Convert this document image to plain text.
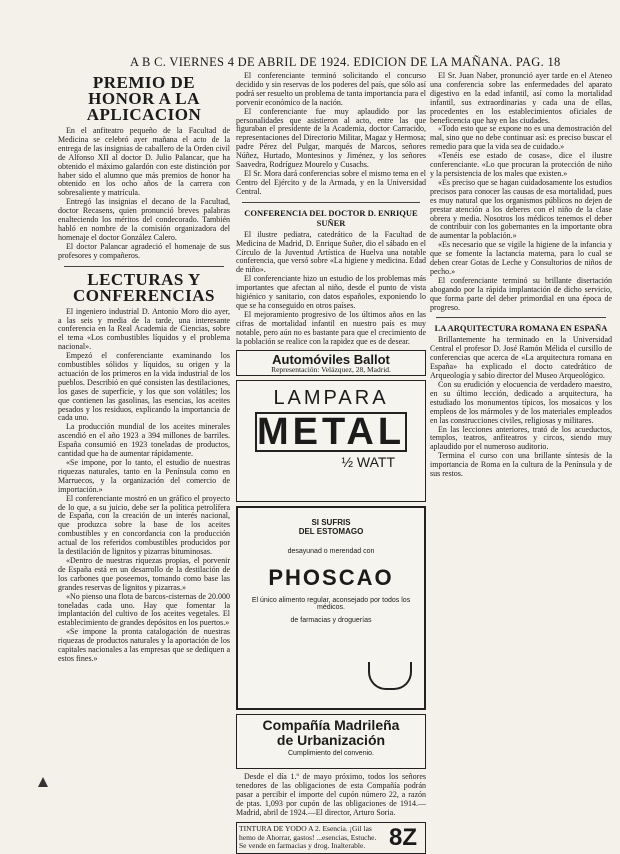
A B C. VIERNES 4 DE ABRIL DE 1924. EDICION DE LA MAÑANA. PAG. 18
PREMIO DE HONOR A LA APLICACION

En el anfiteatro pequeño de la Facultad de Medicina se celebró ayer mañana el acto de la entrega de las insignias de caballero de la Orden civil de Alfonso XII al doctor D. Julio Palancar, que ha obtenido el máximo galardón con este distinción por haber sido el alumno que más premios de honor ha obtenido en los ocho años de la carrera con sobresaliente y matrícula.

Entregó las insignias el decano de la Facultad, doctor Recasens, quien pronunció breves palabras enalteciendo los méritos del condecorado. También habló en nombre de la comisión organizadora del homenaje el doctor González Calero.

El doctor Palancar agradeció el homenaje de sus profesores y compañeros.

LECTURAS Y CONFERENCIAS

El ingeniero industrial D. Antonio Moro dio ayer, a las seis y media de la tarde, una interesante conferencia en la Real Academia de Ciencias, sobre el tema «Los combustibles líquidos y el problema nacional».

Empezó el conferenciante examinando los combustibles sólidos y líquidos, su origen y la actuación de los primeros en la vida industrial de los pueblos. Describió en qué consisten las destilaciones, los gases de superficie, y los que son volátiles; los que contienen las gasolinas, las esencias, los aceites pesados y los residuos, explicando la importancia de cada uno.

La producción mundial de los aceites minerales ascendió en el año 1923 a 394 millones de barriles. España consumió en 1923 toneladas de productos, cantidad que ha de aumentar rápidamente.

«Se impone, por lo tanto, el estudio de nuestras riquezas naturales, tanto en la Península como en Marruecos, y la organización del comercio de importación.»

El conferenciante mostró en un gráfico el proyecto de lo que, a su juicio, debe ser la política petrolífera de España, con la creación de un interés nacional, que produzca sobre la base de los aceites combustibles y en concordancia con la producción actual de los referidos combustibles producidos por la destilación de lignitos y pizarras bituminosas.

«Dentro de nuestras riquezas propias, el porvenir de España está en un desarrollo de la destilación de los carbones que poseemos, tomando como base las grandes reservas de lignitos y pizarras.»

«No pienso una flota de barcos-cisternas de 20.000 toneladas cada uno. Hay que fomentar la implantación del cultivo de los aceites vegetales. El establecimiento de grandes depósitos en los puertos.»

«Se impone la pronta catalogación de nuestras riquezas de productos naturales y la aportación de los capitales nacionales a las empresas que se dediquen a estos fines.»

El conferenciante terminó solicitando el concurso decidido y sin reservas de los poderes del país, que sólo así podrá ser resuelto un problema de tanta importancia para el porvenir económico de la nación.

El conferenciante fue muy aplaudido por las personalidades que asistieron al acto, entre las que figuraban el presidente de la Academia, doctor Carracido, representaciones del Directorio Militar, Magaz y Hermosa; padre Pérez del Pulgar, marqués de Marcos, señores Núñez, Hurtado, Montesinos y Jiménez, y los señores Saavedra, Rodríguez Mourelo y Cusachs.

El Sr. Mora dará conferencias sobre el mismo tema en el Centro del Ejército y de la Armada, y en la Universidad Central.

CONFERENCIA DEL DOCTOR D. ENRIQUE SUÑER

El ilustre pediatra, catedrático de la Facultad de Medicina de Madrid, D. Enrique Suñer, dio el sábado en el Círculo de la Juventud Artística de Huelva una notable conferencia, que versó sobre «La higiene y medicina. Edad de niño».

El conferenciante hizo un estudio de los problemas más importantes que afectan al niño, desde el punto de vista higiénico y sanitario, con datos españoles, exponiendo lo que se ha conseguido en otros países.

El mejoramiento progresivo de los últimos años en las cifras de mortalidad infantil en nuestro país es muy notable, pero aún no es bastante para que el crecimiento de la población se realice con la rapidez que es de desear.

Automóviles Ballot
Representación: Velázquez, 28, Madrid.
LAMPARA
METAL
½ WATT
SI SUFRIS
DEL ESTOMAGO
desayunad o merendad con
PHOSCAO
El único alimento regular, aconsejado por todos los médicos.
de farmacias y droguerías
Compañía Madrileña
de Urbanización
Cumplimiento del convenio.

Desde el día 1.º de mayo próximo, todos los señores tenedores de las obligaciones de esta Compañía podrán pasar a percibir el importe del cupón número 22, a razón de ptas. 1,093 por cupón de las obligaciones de 1914.—Madrid, abril de 1924.—El director, Arturo Soria.

TINTURA DE YODO A 2. Esencia. ¡Gil las hemo de Ahorrar, gastos! ...esencias, Estuche. Se vende en farmacias y drog. Inalterable. 8Z

El Sr. Juan Naber, pronunció ayer tarde en el Ateneo una conferencia sobre las enfermedades del aparato digestivo en la edad infantil, así como la mortalidad infantil, sus extraordinarias y cada una de ellas, procedentes en los establecimientos oficiales de beneficencia que hay en las ciudades.

«Todo esto que se expone no es una demostración del mal, sino que no debe continuar así: es preciso buscar el remedio para que la vida sea de cuidado.»

«Tenéis ese estado de cosas», dice el ilustre conferenciante. «Lo que procuran la protección de niño y la persistencia de los males que existen.»

«Es preciso que se hagan cuidadosamente los estudios precisos para conocer las causas de esa mortalidad, pues es muy natural que los organismos públicos no dejen de prestar atención a los deberes con el niño de la clase obrera y media. Nosotros los médicos tenemos el deber de contribuir con los gobernantes en la importante obra de aumentar la población.»

«Es necesario que se vigile la higiene de la infancia y que se fomente la lactancia materna, para lo cual se deben crear Gotas de Leche y Consultorios de niños de pecho.»

El conferenciante terminó su brillante disertación abogando por la rápida implantación de dicho servicio, que forma parte del deber primordial en una época de progreso.

LA ARQUITECTURA ROMANA EN ESPAÑA

Brillantemente ha terminado en la Universidad Central el profesor D. José Ramón Mélida el cursillo de conferencias que acerca de «La arquitectura romana en España» ha explicado el docto catedrático de Arqueología y sabio director del Museo Arqueológico.

Con su erudición y elocuencia de verdadero maestro, en su último lección, dedicado a arquitectura, ha estudiado los monumentos típicos, los mosaicos y los empleos de los mármoles y de los materiales empleados en las construcciones civiles, religiosas y militares.

En las lecciones anteriores, trató de los acueductos, templos, teatros, anfiteatros y circos, siendo muy aplaudido por el numeroso auditorio.

Termina el curso con una brillante síntesis de la importancia de Roma en la cultura de la Península y de sus restos.
